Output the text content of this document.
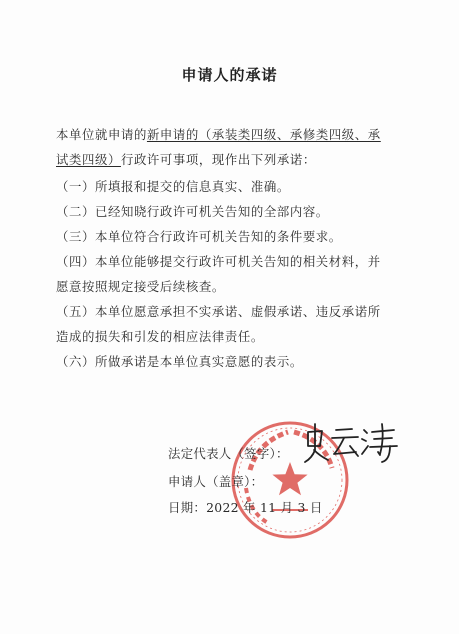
申请人的承诺
本单位就申请的新申请的（承装类四级、承修类四级、承
试类四级）行政许可事项，现作出下列承诺：
（一）所填报和提交的信息真实、准确。
（二）已经知晓行政许可机关告知的全部内容。
（三）本单位符合行政许可机关告知的条件要求。
（四）本单位能够提交行政许可机关告知的相关材料，并
愿意按照规定接受后续核查。
（五）本单位愿意承担不实承诺、虚假承诺、违反承诺所
造成的损失和引发的相应法律责任。
（六）所做承诺是本单位真实意愿的表示。
法定代表人（签字）：
申请人（盖章）：
日期：2022 年 11 月 3 日
